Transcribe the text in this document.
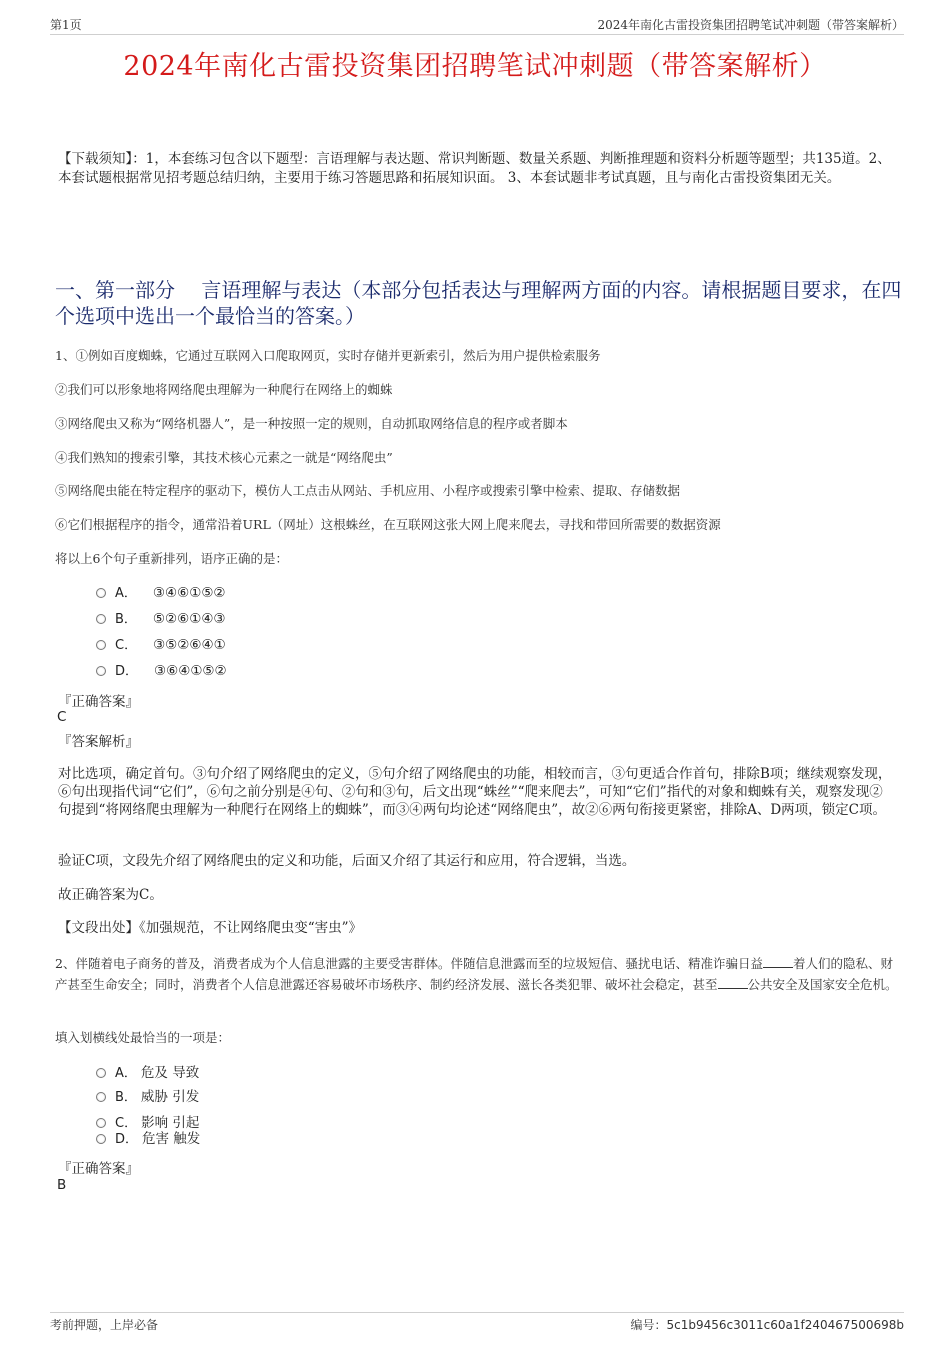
第1页	2024年南化古雷投资集团招聘笔试冲刺题（带答案解析）
2024年南化古雷投资集团招聘笔试冲刺题（带答案解析）
【下载须知】：1，本套练习包含以下题型：言语理解与表达题、常识判断题、数量关系题、判断推理题和资料分析题等题型；共135道。2、本套试题根据常见招考题总结归纳，主要用于练习答题思路和拓展知识面。 3、本套试题非考试真题，且与南化古雷投资集团无关。
一、第一部分　 言语理解与表达（本部分包括表达与理解两方面的内容。请根据题目要求，在四个选项中选出一个最恰当的答案。）
1、①例如百度蜘蛛，它通过互联网入口爬取网页，实时存储并更新索引，然后为用户提供检索服务
②我们可以形象地将网络爬虫理解为一种爬行在网络上的蜘蛛
③网络爬虫又称为“网络机器人”，是一种按照一定的规则，自动抓取网络信息的程序或者脚本
④我们熟知的搜索引擎，其技术核心元素之一就是“网络爬虫”
⑤网络爬虫能在特定程序的驱动下，模仿人工点击从网站、手机应用、小程序或搜索引擎中检索、提取、存储数据
⑥它们根据程序的指令，通常沿着URL（网址）这根蛛丝，在互联网这张大网上爬来爬去，寻找和带回所需要的数据资源
将以上6个句子重新排列，语序正确的是：
A． ③④⑥①⑤②
B． ⑤②⑥①④③
C． ③⑤②⑥④①
D． ③⑥④①⑤②
『正确答案』
C
『答案解析』
对比选项，确定首句。③句介绍了网络爬虫的定义，⑤句介绍了网络爬虫的功能，相较而言，③句更适合作首句，排除B项；继续观察发现，⑥句出现指代词“它们”，⑥句之前分别是④句、②句和③句，后文出现“蛛丝”“爬来爬去”，可知“它们”指代的对象和蜘蛛有关，观察发现②句提到“将网络爬虫理解为一种爬行在网络上的蜘蛛”，而③④两句均论述“网络爬虫”，故②⑥两句衔接更紧密，排除A、D两项，锁定C项。
验证C项，文段先介绍了网络爬虫的定义和功能，后面又介绍了其运行和应用，符合逻辑，当选。
故正确答案为C。
【文段出处】《加强规范，不让网络爬虫变“害虫”》
2、伴随着电子商务的普及，消费者成为个人信息泄露的主要受害群体。伴随信息泄露而至的垃圾短信、骚扰电话、精准诈骗日益 着人们的隐私、财产甚至生命安全；同时，消费者个人信息泄露还容易破坏市场秩序、制约经济发展、滋长各类犯罪、破坏社会稳定，甚至 公共安全及国家安全危机。
填入划横线处最恰当的一项是：
A． 危及 导致
B． 威胁 引发
C． 影响 引起
D． 危害 触发
『正确答案』
B
考前押题，上岸必备	编号：5c1b9456c3011c60a1f240467500698b
